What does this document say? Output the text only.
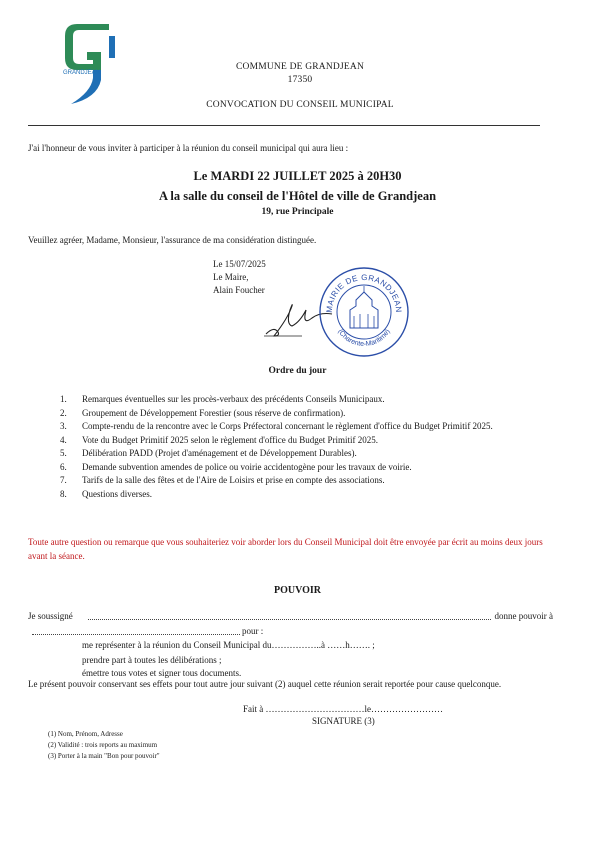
GRANDJEAN
COMMUNE DE GRANDJEAN
17350
CONVOCATION DU CONSEIL MUNICIPAL
J'ai l'honneur de vous inviter à participer à la réunion du conseil municipal qui aura lieu :
Le MARDI 22 JUILLET 2025 à 20H30
A la salle du conseil de l'Hôtel de ville de Grandjean
19, rue Principale
Veuillez agréer, Madame, Monsieur, l'assurance de ma considération distinguée.
Le 15/07/2025
Le Maire,
Alain Foucher
MAIRIE DE GRANDJEAN
(Charente-Maritime)
Ordre du jour
1. Remarques éventuelles sur les procès-verbaux des précédents Conseils Municipaux.
2. Groupement de Développement Forestier (sous réserve de confirmation).
3. Compte-rendu de la rencontre avec le Corps Préfectoral concernant le règlement d'office du Budget Primitif 2025.
4. Vote du Budget Primitif 2025 selon le règlement d'office du Budget Primitif 2025.
5. Délibération PADD (Projet d'aménagement et de Développement Durables).
6. Demande subvention amendes de police ou voirie accidentogène pour les travaux de voirie.
7. Tarifs de la salle des fêtes et de l'Aire de Loisirs et prise en compte des associations.
8. Questions diverses.
Toute autre question ou remarque que vous souhaiteriez voir aborder lors du Conseil Municipal doit être envoyée par écrit au moins deux jours avant la séance.
POUVOIR
Je soussigné	donne pouvoir à
pour :
me représenter à la réunion du Conseil Municipal du……………..à ……h……. ;
prendre part à toutes les délibérations ;
émettre tous votes et signer tous documents.
Le présent pouvoir conservant ses effets pour tout autre jour suivant (2) auquel cette réunion serait reportée pour cause quelconque.
Fait à ……………………………le……………………
SIGNATURE (3)
(1) Nom, Prénom, Adresse
(2) Validité : trois reports au maximum
(3) Porter à la main "Bon pour pouvoir"
